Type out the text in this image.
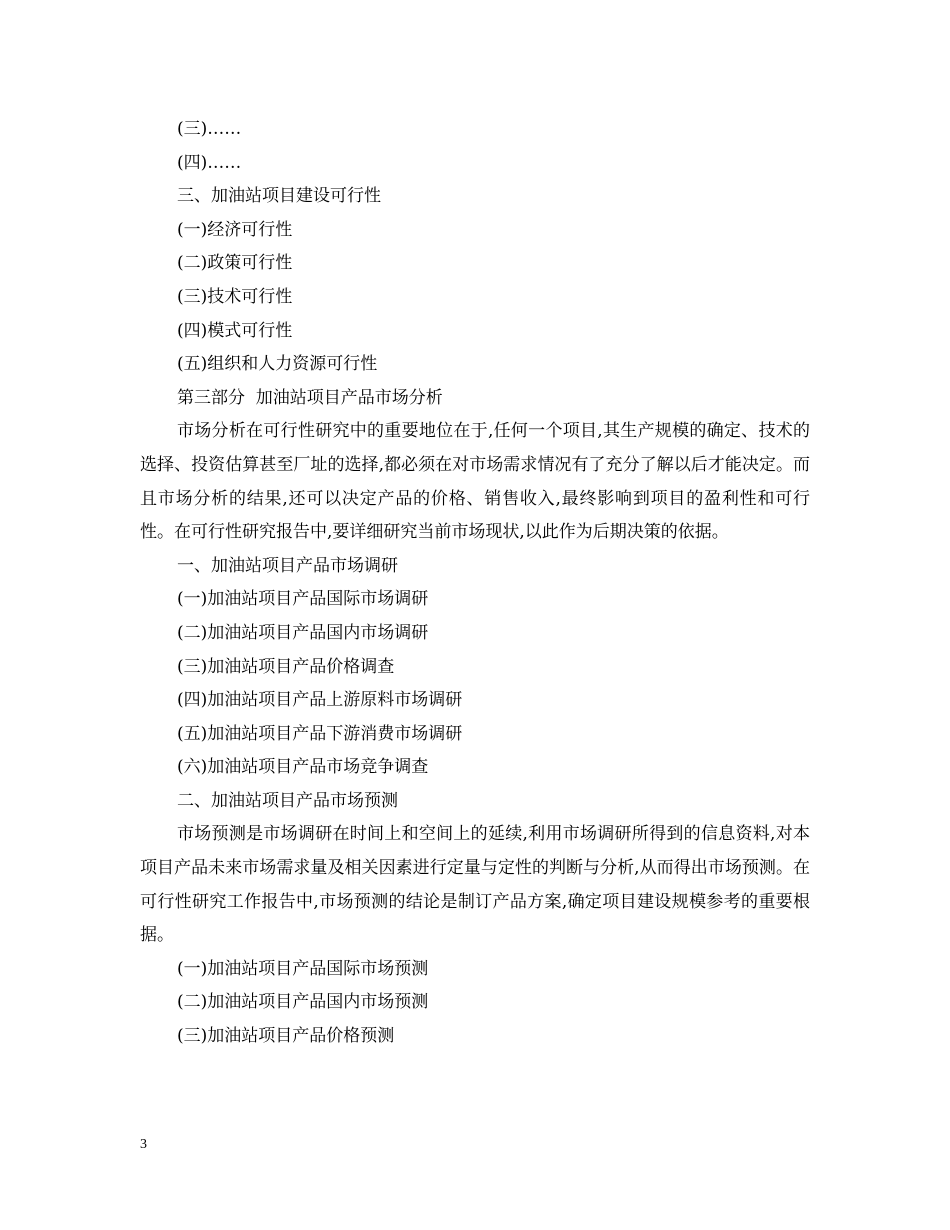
(三)……
(四)……
三、加油站项目建设可行性
(一)经济可行性
(二)政策可行性
(三)技术可行性
(四)模式可行性
(五)组织和人力资源可行性
第三部分  加油站项目产品市场分析
市场分析在可行性研究中的重要地位在于,任何一个项目,其生产规模的确定、技术的选择、投资估算甚至厂址的选择,都必须在对市场需求情况有了充分了解以后才能决定。而且市场分析的结果,还可以决定产品的价格、销售收入,最终影响到项目的盈利性和可行性。在可行性研究报告中,要详细研究当前市场现状,以此作为后期决策的依据。
一、加油站项目产品市场调研
(一)加油站项目产品国际市场调研
(二)加油站项目产品国内市场调研
(三)加油站项目产品价格调查
(四)加油站项目产品上游原料市场调研
(五)加油站项目产品下游消费市场调研
(六)加油站项目产品市场竞争调查
二、加油站项目产品市场预测
市场预测是市场调研在时间上和空间上的延续,利用市场调研所得到的信息资料,对本项目产品未来市场需求量及相关因素进行定量与定性的判断与分析,从而得出市场预测。在可行性研究工作报告中,市场预测的结论是制订产品方案,确定项目建设规模参考的重要根据。
(一)加油站项目产品国际市场预测
(二)加油站项目产品国内市场预测
(三)加油站项目产品价格预测
3
